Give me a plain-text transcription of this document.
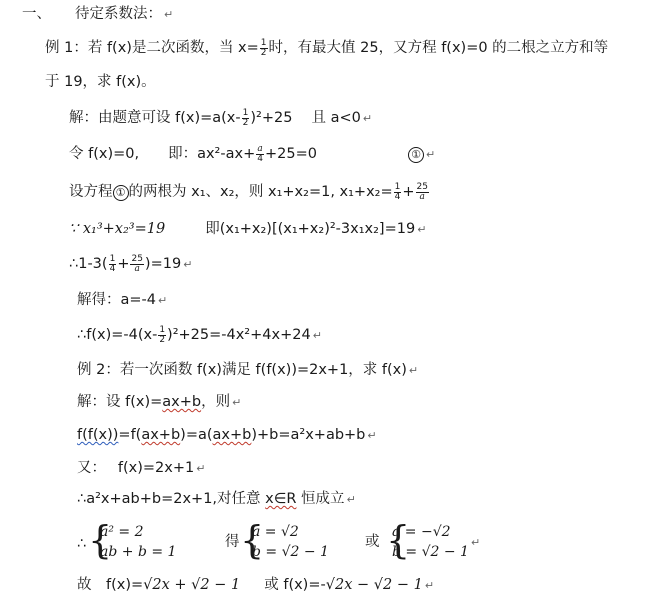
一、 待定系数法： ↵
例 1：若 f(x)是二次函数，当 $x= \frac{1}{2}$ 时，有最大值 25，又方程 f(x)=0 的二根之立方和等
于 19，求 f(x)。
解：由题意可设 $f(x)=a(x- \frac{1}{2} )^2+25$　 且 a<0 ↵
令 f(x)=0,　　即：$ax^2-ax+ \frac{a}{4} +25=0$	① ↵
设方程 ① 的两根为 x₁、x₂，则 x₁+x₂=1, $x_1+x_2= \frac{1}{4} + \frac{25}{a}$
∵ x₁³+x₂³=19	即(x₁+x₂)[(x₁+x₂)²-3x₁x₂]=19 ↵
∴1-3( $\frac{1}{4} + \frac{25}{a} )=19$ ↵
解得：a=-4 ↵
∴f(x)=-4(x- $\frac{1}{2} )^2+25=-4x^2+4x+24$ ↵
例 2：若一次函数 f(x)满足 f(f(x))=2x+1，求 f(x) ↵
解：设 f(x)=ax+b，则 ↵
f(f(x))=f(ax+b)=a(ax+b)+b=a²x+ab+b ↵
又：　 f(x)=2x+1 ↵
∴a²x+ab+b=2x+1,对任意 x∈R 恒成立 ↵
∴
{ a² = 2
ab + b = 1
得
{ a = √2
b = √2 − 1
或
{ a = −√2
b = √2 − 1
↵
故　f(x)=√2x + √2 − 1 或 f(x)=-√2x − √2 − 1 ↵
